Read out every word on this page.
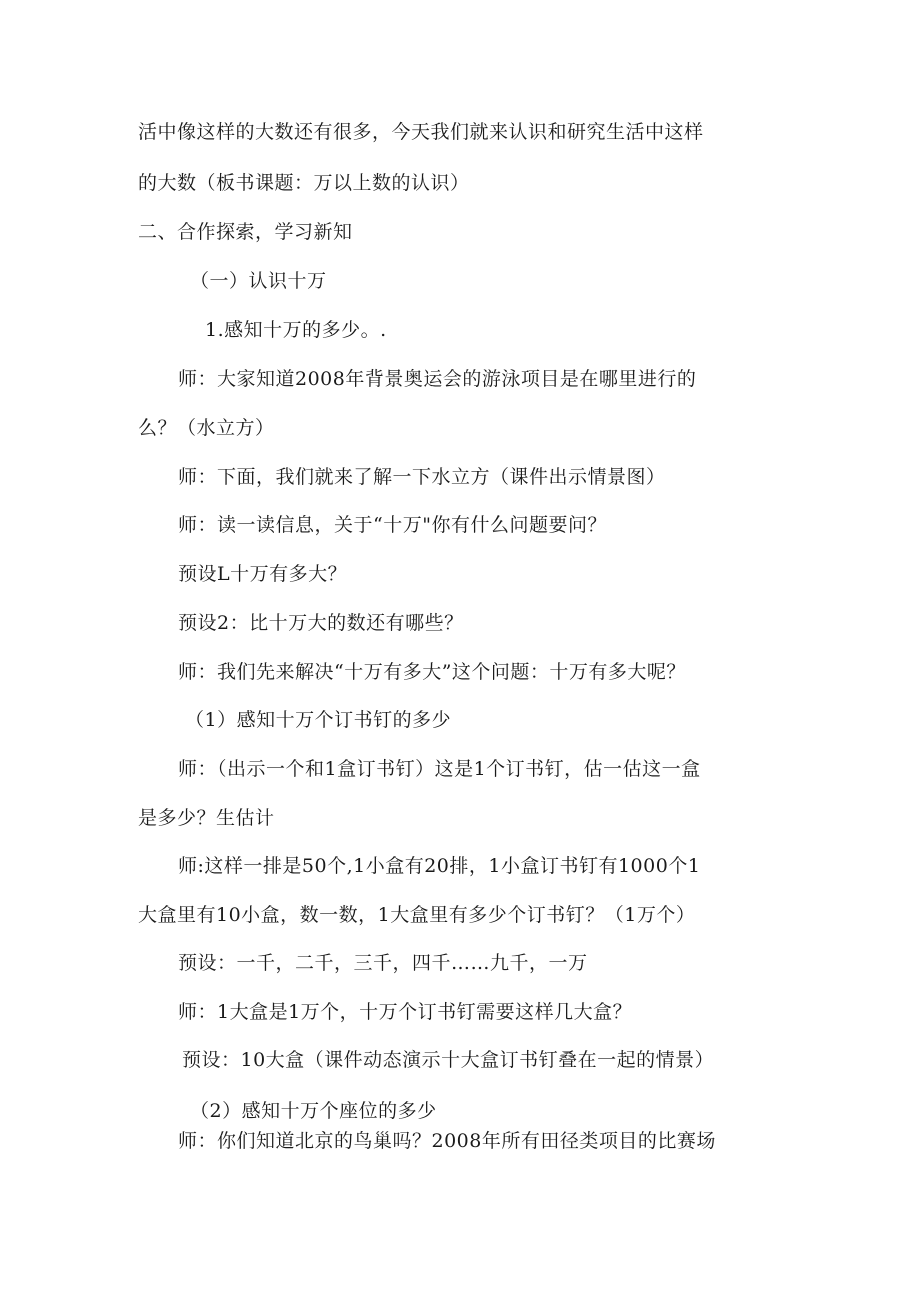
活中像这样的大数还有很多，今天我们就来认识和研究生活中这样
的大数（板书课题：万以上数的认识）
二、合作探索，学习新知
（一）认识十万
1.感知十万的多少。.
师：大家知道2008年背景奥运会的游泳项目是在哪里进行的
么？（水立方）
师：下面，我们就来了解一下水立方（课件出示情景图）
师：读一读信息，关于“十万"你有什么问题要问？
预设L十万有多大？
预设2：比十万大的数还有哪些？
师：我们先来解决“十万有多大”这个问题：十万有多大呢？
（1）感知十万个订书钉的多少
师：（出示一个和1盒订书钉）这是1个订书钉，估一估这一盒
是多少？生估计
师:这样一排是50个,1小盒有20排，1小盒订书钉有1000个1
大盒里有10小盒，数一数，1大盒里有多少个订书钉？（1万个）
预设：一千，二千，三千，四千……九千，一万
师：1大盒是1万个，十万个订书钉需要这样几大盒？
预设：10大盒（课件动态演示十大盒订书钉叠在一起的情景）
（2）感知十万个座位的多少
师：你们知道北京的鸟巢吗？2008年所有田径类项目的比赛场
